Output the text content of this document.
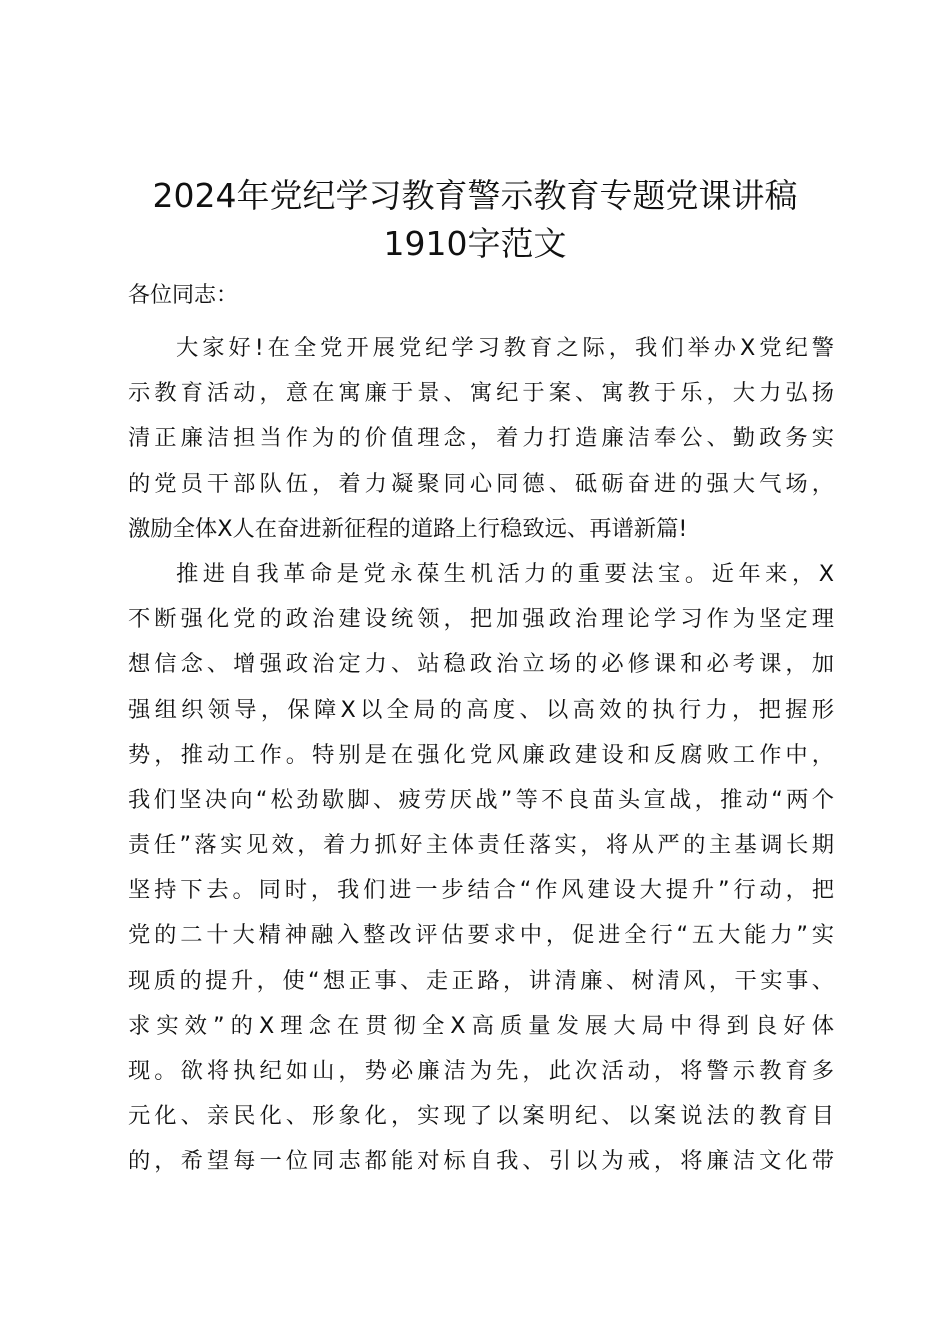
2024年党纪学习教育警示教育专题党课讲稿
1910字范文
各位同志：
大家好!在全党开展党纪学习教育之际，我们举办X党纪警
示教育活动，意在寓廉于景、寓纪于案、寓教于乐，大力弘扬
清正廉洁担当作为的价值理念，着力打造廉洁奉公、勤政务实
的党员干部队伍，着力凝聚同心同德、砥砺奋进的强大气场，
激励全体X人在奋进新征程的道路上行稳致远、再谱新篇!
推进自我革命是党永葆生机活力的重要法宝。近年来，X
不断强化党的政治建设统领，把加强政治理论学习作为坚定理
想信念、增强政治定力、站稳政治立场的必修课和必考课，加
强组织领导，保障X以全局的高度、以高效的执行力，把握形
势，推动工作。特别是在强化党风廉政建设和反腐败工作中，
我们坚决向“松劲歇脚、疲劳厌战”等不良苗头宣战，推动“两个
责任”落实见效，着力抓好主体责任落实，将从严的主基调长期
坚持下去。同时，我们进一步结合“作风建设大提升”行动，把
党的二十大精神融入整改评估要求中，促进全行“五大能力”实
现质的提升，使“想正事、走正路，讲清廉、树清风，干实事、
求实效”的X理念在贯彻全X高质量发展大局中得到良好体
现。欲将执纪如山，势必廉洁为先，此次活动，将警示教育多
元化、亲民化、形象化，实现了以案明纪、以案说法的教育目
的，希望每一位同志都能对标自我、引以为戒，将廉洁文化带
